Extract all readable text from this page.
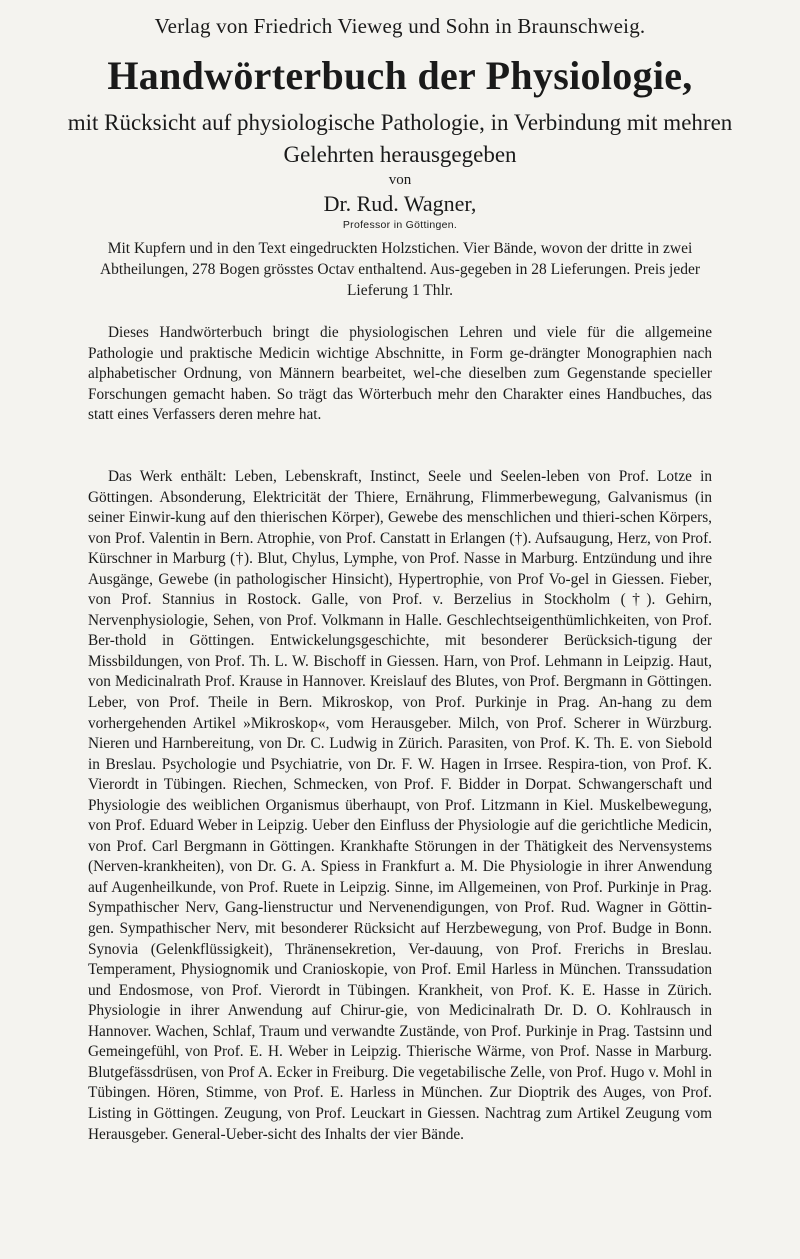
Verlag von Friedrich Vieweg und Sohn in Braunschweig.
Handwörterbuch der Physiologie,
mit Rücksicht auf physiologische Pathologie, in Verbindung mit mehren Gelehrten herausgegeben
von
Dr. Rud. Wagner,
Professor in Göttingen.
Mit Kupfern und in den Text eingedruckten Holzstichen. Vier Bände, wovon der dritte in zwei Abtheilungen, 278 Bogen grösstes Octav enthaltend. Aus-gegeben in 28 Lieferungen. Preis jeder Lieferung 1 Thlr.

Dieses Handwörterbuch bringt die physiologischen Lehren und viele für die allgemeine Pathologie und praktische Medicin wichtige Abschnitte, in Form ge-drängter Monographien nach alphabetischer Ordnung, von Männern bearbeitet, wel-che dieselben zum Gegenstande specieller Forschungen gemacht haben. So trägt das Wörterbuch mehr den Charakter eines Handbuches, das statt eines Verfassers deren mehre hat.

Das Werk enthält: Leben, Lebenskraft, Instinct, Seele und Seelen-leben von Prof. Lotze in Göttingen. Absonderung, Elektricität der Thiere, Ernährung, Flimmerbewegung, Galvanismus (in seiner Einwir-kung auf den thierischen Körper), Gewebe des menschlichen und thieri-schen Körpers, von Prof. Valentin in Bern. Atrophie, von Prof. Canstatt in Erlangen (†). Aufsaugung, Herz, von Prof. Kürschner in Marburg (†). Blut, Chylus, Lymphe, von Prof. Nasse in Marburg. Entzündung und ihre Ausgänge, Gewebe (in pathologischer Hinsicht), Hypertrophie, von Prof Vo-gel in Giessen. Fieber, von Prof. Stannius in Rostock. Galle, von Prof. v. Berzelius in Stockholm (†). Gehirn, Nervenphysiologie, Sehen, von Prof. Volkmann in Halle. Geschlechtseigenthümlichkeiten, von Prof. Ber-thold in Göttingen. Entwickelungsgeschichte, mit besonderer Berücksich-tigung der Missbildungen, von Prof. Th. L. W. Bischoff in Giessen. Harn, von Prof. Lehmann in Leipzig. Haut, von Medicinalrath Prof. Krause in Hannover. Kreislauf des Blutes, von Prof. Bergmann in Göttingen. Leber, von Prof. Theile in Bern. Mikroskop, von Prof. Purkinje in Prag. An-hang zu dem vorhergehenden Artikel »Mikroskop«, vom Herausgeber. Milch, von Prof. Scherer in Würzburg. Nieren und Harnbereitung, von Dr. C. Ludwig in Zürich. Parasiten, von Prof. K. Th. E. von Siebold in Breslau. Psychologie und Psychiatrie, von Dr. F. W. Hagen in Irrsee. Respira-tion, von Prof. K. Vierordt in Tübingen. Riechen, Schmecken, von Prof. F. Bidder in Dorpat. Schwangerschaft und Physiologie des weiblichen Organismus überhaupt, von Prof. Litzmann in Kiel. Muskelbewegung, von Prof. Eduard Weber in Leipzig. Ueber den Einfluss der Physiologie auf die gerichtliche Medicin, von Prof. Carl Bergmann in Göttingen. Krankhafte Störungen in der Thätigkeit des Nervensystems (Nerven-krankheiten), von Dr. G. A. Spiess in Frankfurt a. M. Die Physiologie in ihrer Anwendung auf Augenheilkunde, von Prof. Ruete in Leipzig. Sinne, im Allgemeinen, von Prof. Purkinje in Prag. Sympathischer Nerv, Gang-lienstructur und Nervenendigungen, von Prof. Rud. Wagner in Göttin-gen. Sympathischer Nerv, mit besonderer Rücksicht auf Herzbewegung, von Prof. Budge in Bonn. Synovia (Gelenkflüssigkeit), Thränensekretion, Ver-dauung, von Prof. Frerichs in Breslau. Temperament, Physiognomik und Cranioskopie, von Prof. Emil Harless in München. Transsudation und Endosmose, von Prof. Vierordt in Tübingen. Krankheit, von Prof. K. E. Hasse in Zürich. Physiologie in ihrer Anwendung auf Chirur-gie, von Medicinalrath Dr. D. O. Kohlrausch in Hannover. Wachen, Schlaf, Traum und verwandte Zustände, von Prof. Purkinje in Prag. Tastsinn und Gemeingefühl, von Prof. E. H. Weber in Leipzig. Thierische Wärme, von Prof. Nasse in Marburg. Blutgefässdrüsen, von Prof A. Ecker in Freiburg. Die vegetabilische Zelle, von Prof. Hugo v. Mohl in Tübingen. Hören, Stimme, von Prof. E. Harless in München. Zur Dioptrik des Auges, von Prof. Listing in Göttingen. Zeugung, von Prof. Leuckart in Giessen. Nachtrag zum Artikel Zeugung vom Herausgeber. General-Ueber-sicht des Inhalts der vier Bände.
